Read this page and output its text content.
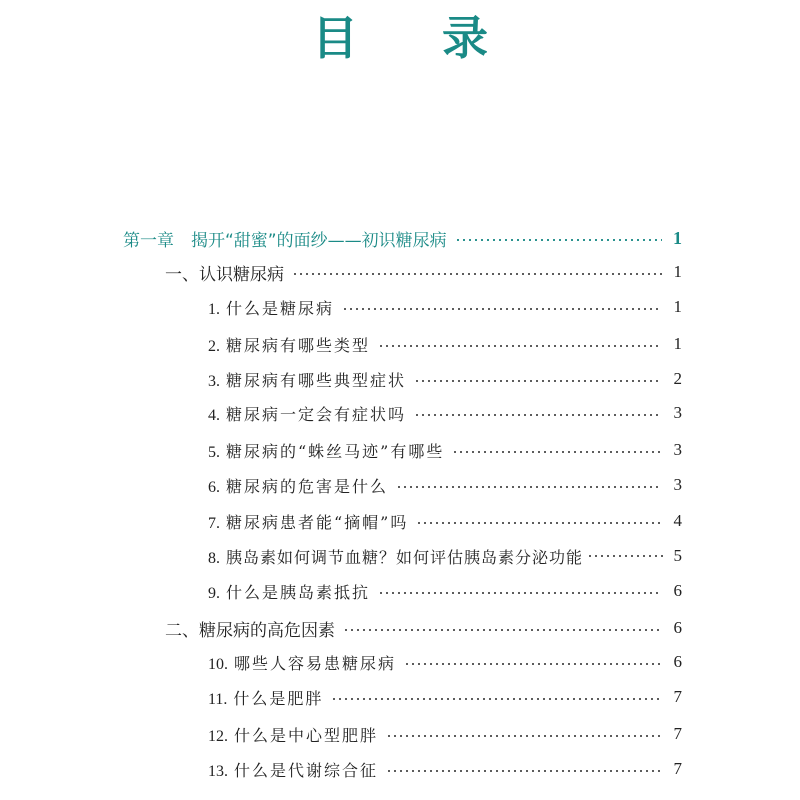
目 录
第一章　揭开“甜蜜”的面纱——初识糖尿病	1
一、认识糖尿病	1
1. 什么是糖尿病	1
2. 糖尿病有哪些类型	1
3. 糖尿病有哪些典型症状	2
4. 糖尿病一定会有症状吗	3
5. 糖尿病的“蛛丝马迹”有哪些	3
6. 糖尿病的危害是什么	3
7. 糖尿病患者能“摘帽”吗	4
8. 胰岛素如何调节血糖？如何评估胰岛素分泌功能	5
9. 什么是胰岛素抵抗	6
二、糖尿病的高危因素	6
10. 哪些人容易患糖尿病	6
11. 什么是肥胖	7
12. 什么是中心型肥胖	7
13. 什么是代谢综合征	7
